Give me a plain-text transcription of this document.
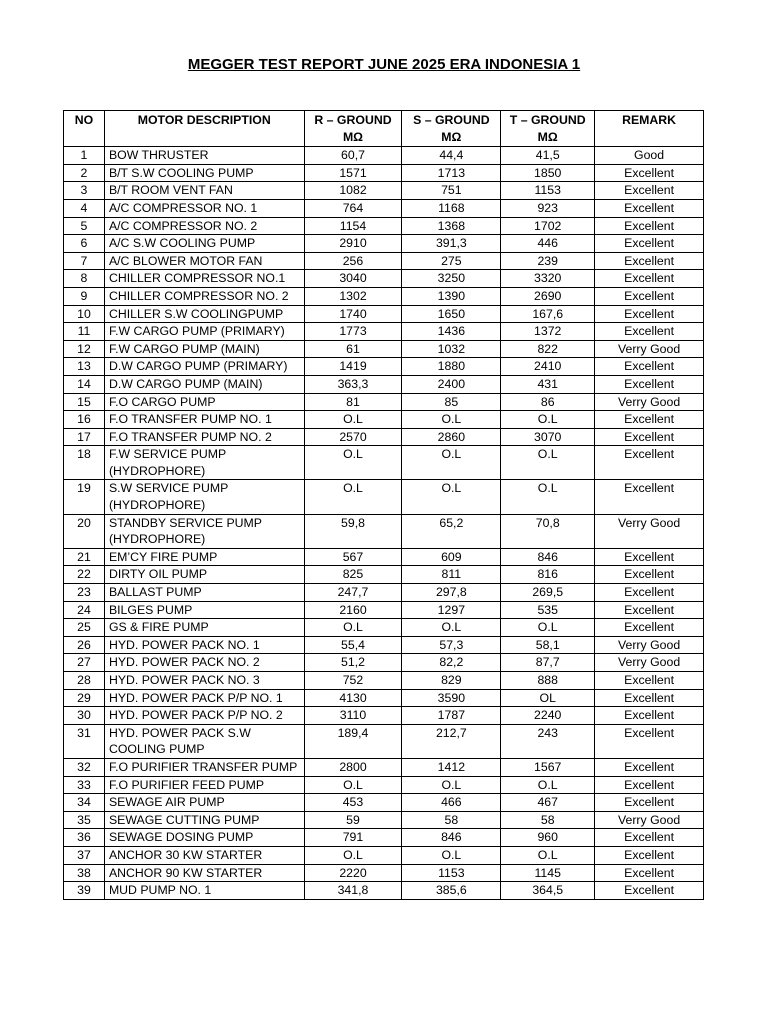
MEGGER TEST REPORT JUNE 2025 ERA INDONESIA 1
NO	MOTOR DESCRIPTION	R – GROUND MΩ	S – GROUND MΩ	T – GROUND MΩ	REMARK
1	BOW THRUSTER	60,7	44,4	41,5	Good
2	B/T S.W COOLING PUMP	1571	1713	1850	Excellent
3	B/T ROOM VENT FAN	1082	751	1153	Excellent
4	A/C COMPRESSOR NO. 1	764	1168	923	Excellent
5	A/C COMPRESSOR NO. 2	1154	1368	1702	Excellent
6	A/C S.W COOLING PUMP	2910	391,3	446	Excellent
7	A/C BLOWER MOTOR FAN	256	275	239	Excellent
8	CHILLER COMPRESSOR NO.1	3040	3250	3320	Excellent
9	CHILLER COMPRESSOR NO. 2	1302	1390	2690	Excellent
10	CHILLER S.W COOLINGPUMP	1740	1650	167,6	Excellent
11	F.W CARGO PUMP (PRIMARY)	1773	1436	1372	Excellent
12	F.W CARGO PUMP (MAIN)	61	1032	822	Verry Good
13	D.W CARGO PUMP (PRIMARY)	1419	1880	2410	Excellent
14	D.W CARGO PUMP (MAIN)	363,3	2400	431	Excellent
15	F.O CARGO PUMP	81	85	86	Verry Good
16	F.O TRANSFER PUMP NO. 1	O.L	O.L	O.L	Excellent
17	F.O TRANSFER PUMP NO. 2	2570	2860	3070	Excellent
18	F.W SERVICE PUMP (HYDROPHORE)	O.L	O.L	O.L	Excellent
19	S.W SERVICE PUMP (HYDROPHORE)	O.L	O.L	O.L	Excellent
20	STANDBY SERVICE PUMP (HYDROPHORE)	59,8	65,2	70,8	Verry Good
21	EM’CY FIRE PUMP	567	609	846	Excellent
22	DIRTY OIL PUMP	825	811	816	Excellent
23	BALLAST PUMP	247,7	297,8	269,5	Excellent
24	BILGES PUMP	2160	1297	535	Excellent
25	GS & FIRE PUMP	O.L	O.L	O.L	Excellent
26	HYD. POWER PACK NO. 1	55,4	57,3	58,1	Verry Good
27	HYD. POWER PACK NO. 2	51,2	82,2	87,7	Verry Good
28	HYD. POWER PACK NO. 3	752	829	888	Excellent
29	HYD. POWER PACK P/P NO. 1	4130	3590	OL	Excellent
30	HYD. POWER PACK P/P NO. 2	3110	1787	2240	Excellent
31	HYD. POWER PACK S.W COOLING PUMP	189,4	212,7	243	Excellent
32	F.O PURIFIER TRANSFER PUMP	2800	1412	1567	Excellent
33	F.O PURIFIER FEED PUMP	O.L	O.L	O.L	Excellent
34	SEWAGE AIR PUMP	453	466	467	Excellent
35	SEWAGE CUTTING PUMP	59	58	58	Verry Good
36	SEWAGE DOSING PUMP	791	846	960	Excellent
37	ANCHOR 30 KW STARTER	O.L	O.L	O.L	Excellent
38	ANCHOR 90 KW STARTER	2220	1153	1145	Excellent
39	MUD PUMP NO. 1	341,8	385,6	364,5	Excellent
